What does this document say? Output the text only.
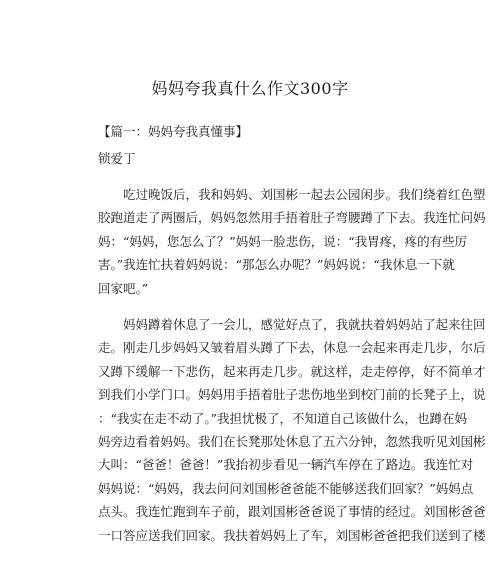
妈妈夸我真什么作文300字
【篇一：妈妈夸我真懂事】
锁爱丁
　　吃过晚饭后，我和妈妈、刘国彬一起去公园闲步。我们绕着红色塑
胶跑道走了两圈后，妈妈忽然用手捂着肚子弯腰蹲了下去。我连忙问妈
妈：“妈妈，您怎么了？”妈妈一脸悲伤，说：“我胃疼，疼的有些厉
害。”我连忙扶着妈妈说：“那怎么办呢？”妈妈说：“我休息一下就
回家吧。”
　　妈妈蹲着休息了一会儿，感觉好点了，我就扶着妈妈站了起来往回
走。刚走几步妈妈又皱着眉头蹲了下去，休息一会起来再走几步，尔后
又蹲下缓解一下悲伤，起来再走几步。就这样，走走停停，好不简单才
到我们小学门口。妈妈用手捂着肚子悲伤地坐到校门前的长凳子上，说
：“我实在走不动了。”我担忧极了，不知道自己该做什么，也蹲在妈
妈旁边看着妈妈。我们在长凳那处休息了五六分钟，忽然我听见刘国彬
大叫：“爸爸！爸爸！”我抬初步看见一辆汽车停在了路边。我连忙对
妈妈说：“妈妈，我去问问刘国彬爸爸能不能够送我们回家？”妈妈点
点头。我连忙跑到车子前，跟刘国彬爸爸说了事情的经过。刘国彬爸爸
一口答应送我们回家。我扶着妈妈上了车，刘国彬爸爸把我们送到了楼
